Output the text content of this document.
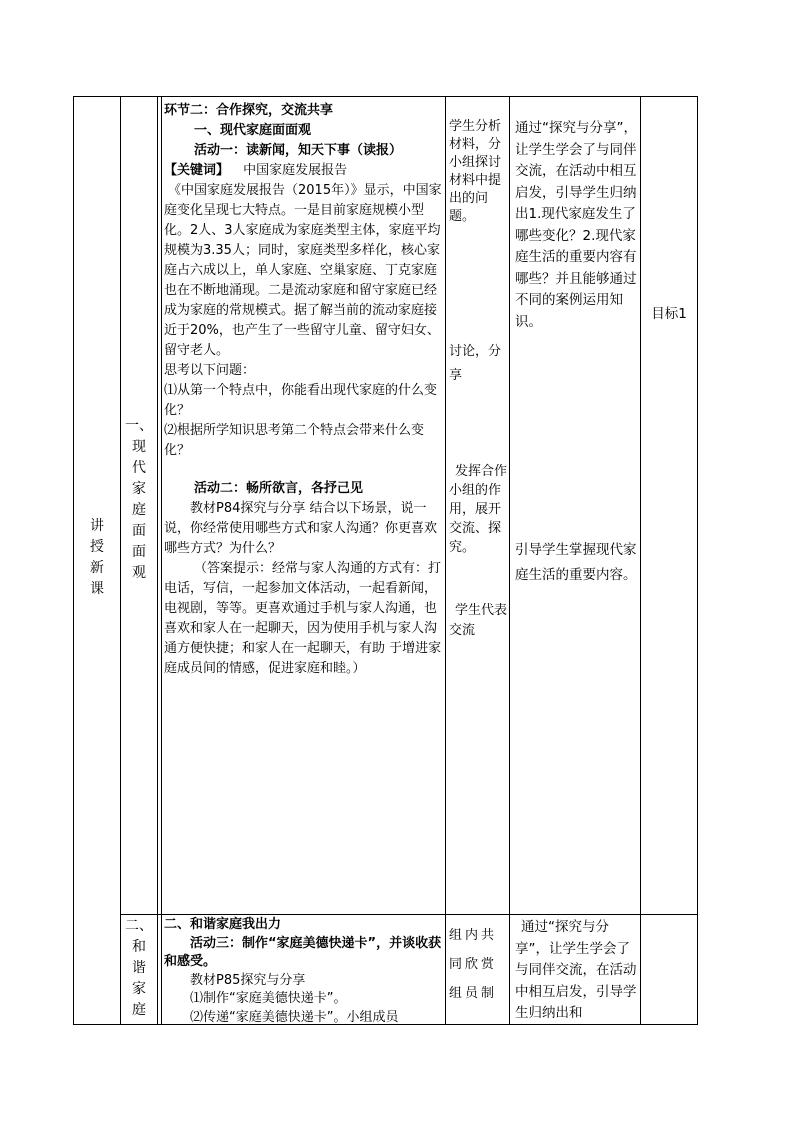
讲
授
新
课
一、
现
代
家
庭
面
面
观
二、
和
谐
家
庭

环节二：合作探究，交流共享

一、现代家庭面面观

活动一：读新闻，知天下事（读报）

【关键词】 中国家庭发展报告

《中国家庭发展报告（2015年）》显示，中国家庭变化呈现七大特点。一是目前家庭规模小型化。2人、3人家庭成为家庭类型主体，家庭平均规模为3.35人；同时，家庭类型多样化，核心家庭占六成以上，单人家庭、空巢家庭、丁克家庭也在不断地涌现。二是流动家庭和留守家庭已经成为家庭的常规模式。据了解当前的流动家庭接近于20%，也产生了一些留守儿童、留守妇女、留守老人。

思考以下问题：

⑴从第一个特点中，你能看出现代家庭的什么变化？

⑵根据所学知识思考第二个特点会带来什么变化？

活动二：畅所欲言，各抒己见

教材P84探究与分享 结合以下场景，说一说，你经常使用哪些方式和家人沟通？你更喜欢哪些方式？为什么？

（答案提示：经常与家人沟通的方式有：打电话，写信，一起参加文体活动，一起看新闻，电视剧，等等。更喜欢通过手机与家人沟通，也喜欢和家人在一起聊天，因为使用手机与家人沟通方便快捷；和家人在一起聊天，有助 于增进家庭成员间的情感，促进家庭和睦。）

学生分析材料，分小组探讨材料中提出的问题。

讨论，分享

发挥合作小组的作用，展开交流、探究。

学生代表交流

通过“探究与分享”，让学生学会了与同伴交流，在活动中相互启发，引导学生归纳出1.现代家庭发生了哪些变化？2.现代家庭生活的重要内容有哪些？并且能够通过不同的案例运用知识。

引导学生掌握现代家庭生活的重要内容。

目标1

二、和谐家庭我出力

活动三：制作“家庭美德快递卡”，并谈收获和感受。

教材P85探究与分享

⑴制作“家庭美德快递卡”。

⑵传递“家庭美德快递卡”。小组成员

组内共同欣赏组员制

通过“探究与分享”，让学生学会了与同伴交流，在活动中相互启发，引导学生归纳出和
